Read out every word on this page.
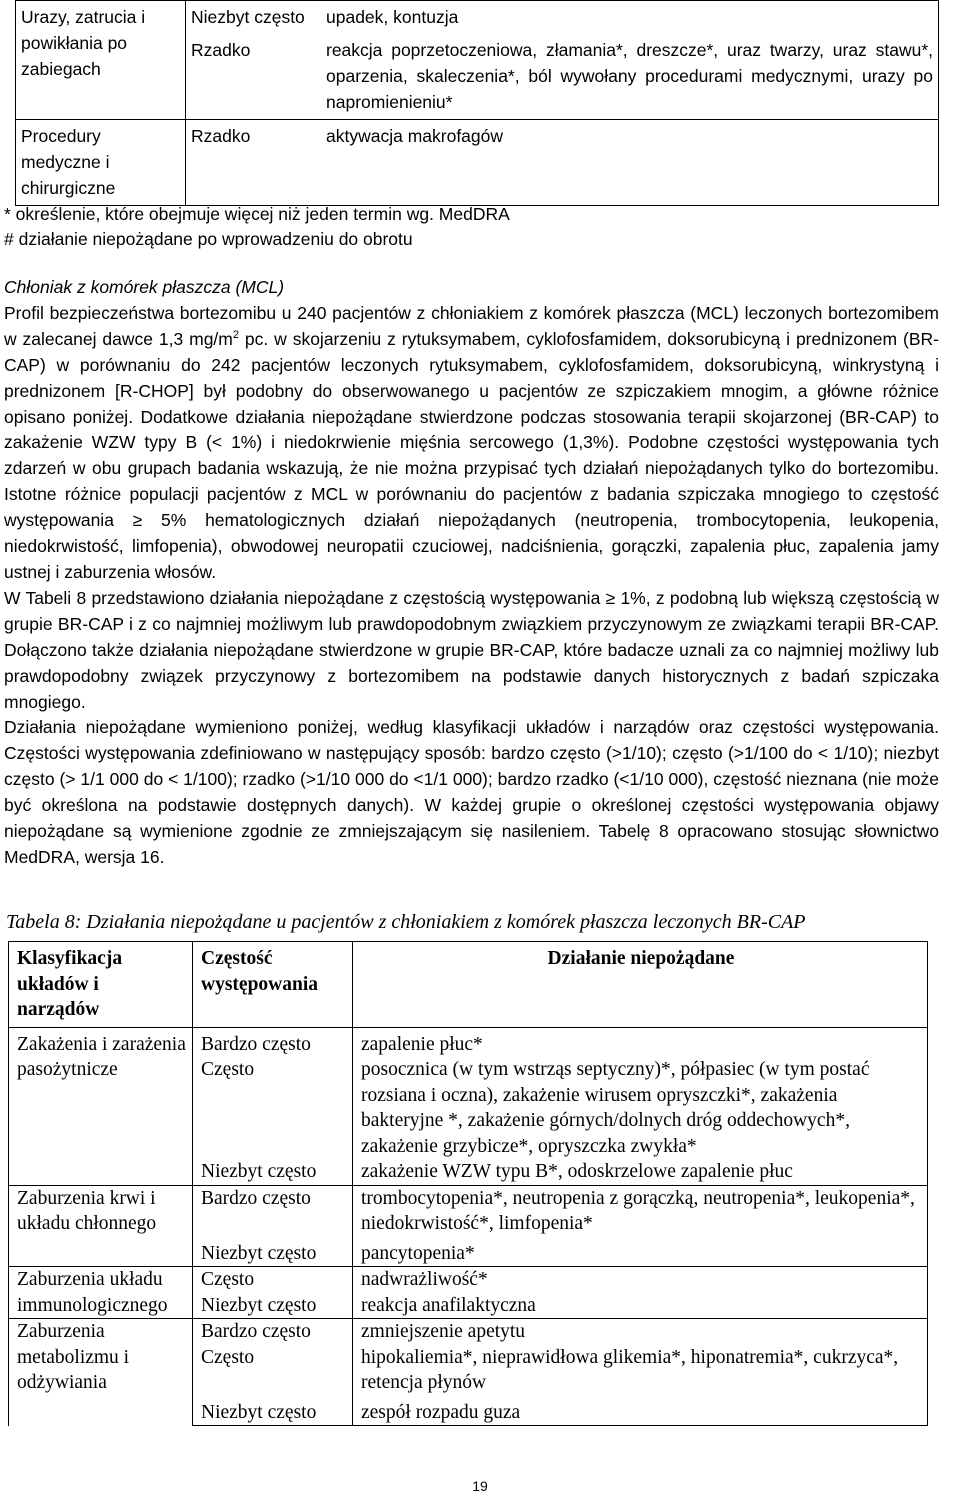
Urazy, zatrucia i powikłania po zabiegach	Niezbyt często	upadek, kontuzja
	Rzadko	reakcja poprzetoczeniowa, złamania*, dreszcze*, uraz twarzy, uraz stawu*, oparzenia, skaleczenia*, ból wywołany procedurami medycznymi, urazy po napromienieniu*
Procedury medyczne i chirurgiczne	Rzadko	aktywacja makrofagów
* określenie, które obejmuje więcej niż jeden termin wg. MedDRA
# działanie niepożądane po wprowadzeniu do obrotu

Chłoniak z komórek płaszcza (MCL)

Profil bezpieczeństwa bortezomibu u 240 pacjentów z chłoniakiem z komórek płaszcza (MCL) leczonych bortezomibem w zalecanej dawce 1,3 $mg/m^2$ pc. w skojarzeniu z rytuksymabem, cyklofosfamidem, doksorubicyną i prednizonem (BR-CAP) w porównaniu do 242 pacjentów leczonych rytuksymabem, cyklofosfamidem, doksorubicyną, winkrystyną i prednizonem [R-CHOP] był podobny do obserwowanego u pacjentów ze szpiczakiem mnogim, a główne różnice opisano poniżej. Dodatkowe działania niepożądane stwierdzone podczas stosowania terapii skojarzonej (BR-CAP) to zakażenie WZW typy B (< 1%) i niedokrwienie mięśnia sercowego (1,3%). Podobne częstości występowania tych zdarzeń w obu grupach badania wskazują, że nie można przypisać tych działań niepożądanych tylko do bortezomibu. Istotne różnice populacji pacjentów z MCL w porównaniu do pacjentów z badania szpiczaka mnogiego to częstość występowania ≥ 5% hematologicznych działań niepożądanych (neutropenia, trombocytopenia, leukopenia, niedokrwistość, limfopenia), obwodowej neuropatii czuciowej, nadciśnienia, gorączki, zapalenia płuc, zapalenia jamy ustnej i zaburzenia włosów.

W Tabeli 8 przedstawiono działania niepożądane z częstością występowania ≥ 1%, z podobną lub większą częstością w grupie BR-CAP i z co najmniej możliwym lub prawdopodobnym związkiem przyczynowym ze związkami terapii BR-CAP. Dołączono także działania niepożądane stwierdzone w grupie BR-CAP, które badacze uznali za co najmniej możliwy lub prawdopodobny związek przyczynowy z bortezomibem na podstawie danych historycznych z badań szpiczaka mnogiego.

Działania niepożądane wymieniono poniżej, według klasyfikacji układów i narządów oraz częstości występowania. Częstości występowania zdefiniowano w następujący sposób: bardzo często (>1/10); często (>1/100 do < 1/10); niezbyt często (> 1/1 000 do < 1/100); rzadko (>1/10 000 do <1/1 000); bardzo rzadko (<1/10 000), częstość nieznana (nie może być określona na podstawie dostępnych danych). W każdej grupie o określonej częstości występowania objawy niepożądane są wymienione zgodnie ze zmniejszającym się nasileniem. Tabelę 8 opracowano stosując słownictwo MedDRA, wersja 16.

Tabela 8: Działania niepożądane u pacjentów z chłoniakiem z komórek płaszcza leczonych BR-CAP
Klasyfikacja układów i narządów	Częstość występowania	Działanie niepożądane
Zakażenia i zarażenia pasożytnicze	Bardzo często	zapalenie płuc*
	Często	posocznica (w tym wstrząs septyczny)*, półpasiec (w tym postać rozsiana i oczna), zakażenie wirusem opryszczki*, zakażenia bakteryjne *, zakażenie górnych/dolnych dróg oddechowych*, zakażenie grzybicze*, opryszczka zwykła*
	Niezbyt często	zakażenie WZW typu B*, odoskrzelowe zapalenie płuc
Zaburzenia krwi i układu chłonnego	Bardzo często	trombocytopenia*, neutropenia z gorączką, neutropenia*, leukopenia*, niedokrwistość*, limfopenia*
	Niezbyt często	pancytopenia*
Zaburzenia układu immunologicznego	Często	nadwrażliwość*
	Niezbyt często	reakcja anafilaktyczna
Zaburzenia metabolizmu i odżywiania	Bardzo często	zmniejszenie apetytu
	Często	hipokaliemia*, nieprawidłowa glikemia*, hiponatremia*, cukrzyca*, retencja płynów
	Niezbyt często	zespół rozpadu guza
19
